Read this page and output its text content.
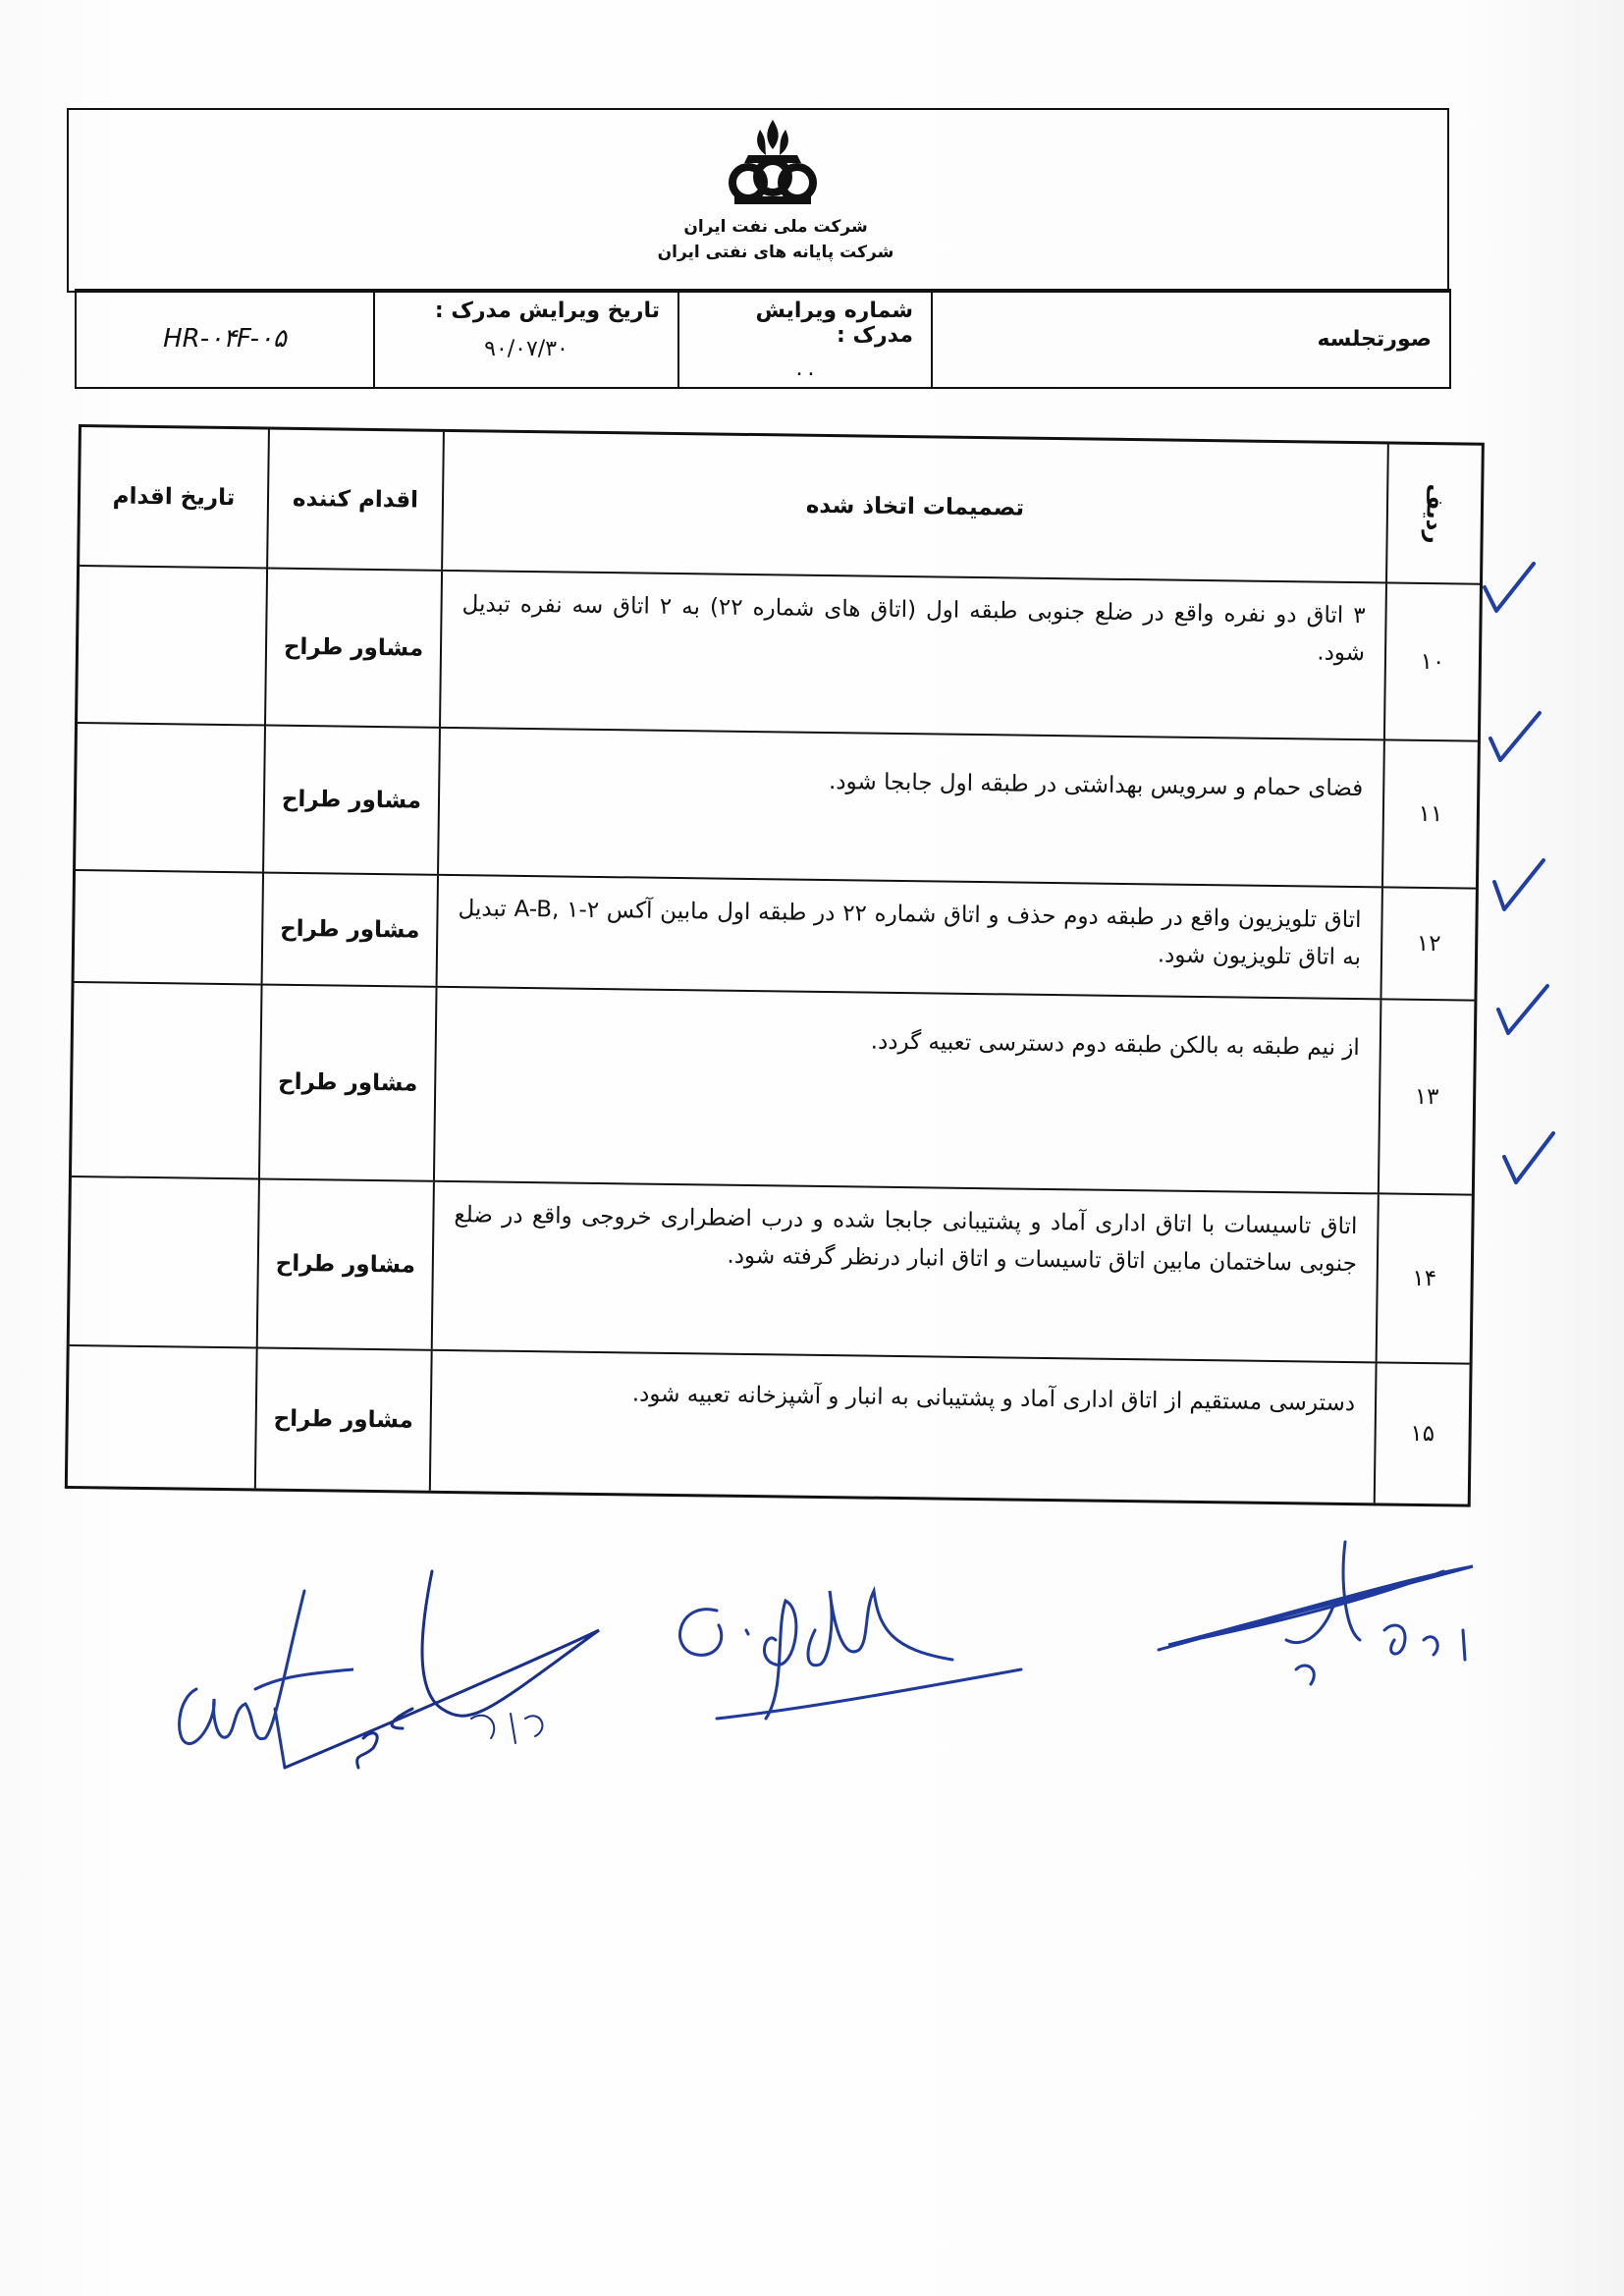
شرکت ملی نفت ایران
شرکت پایانه های نفتی ایران
صورتجلسه
شماره ویرایش مدرک :
۰۰
تاریخ ویرایش مدرک :
۹۰/۰۷/۳۰
HR-۰۴F-۰۵
ردیف
تصمیمات اتخاذ شده
اقدام کننده
تاریخ اقدام
۱۰
۳ اتاق دو نفره واقع در ضلع جنوبی طبقه اول (اتاق های شماره ۲۲) به ۲ اتاق سه نفره تبدیل شود.
مشاور طراح
۱۱
فضای حمام و سرویس بهداشتی در طبقه اول جابجا شود.
مشاور طراح
۱۲
اتاق تلویزیون واقع در طبقه دوم حذف و اتاق شماره ۲۲ در طبقه اول مابین آکس ۲-۱ ,A-B تبدیل به اتاق تلویزیون شود.
مشاور طراح
۱۳
از نیم طبقه به بالکن طبقه دوم دسترسی تعبیه گردد.
مشاور طراح
۱۴
اتاق تاسیسات با اتاق اداری آماد و پشتیبانی جابجا شده و درب اضطراری خروجی واقع در ضلع جنوبی ساختمان مابین اتاق تاسیسات و اتاق انبار درنظر گرفته شود.
مشاور طراح
۱۵
دسترسی مستقیم از اتاق اداری آماد و پشتیبانی به انبار و آشپزخانه تعبیه شود.
مشاور طراح
